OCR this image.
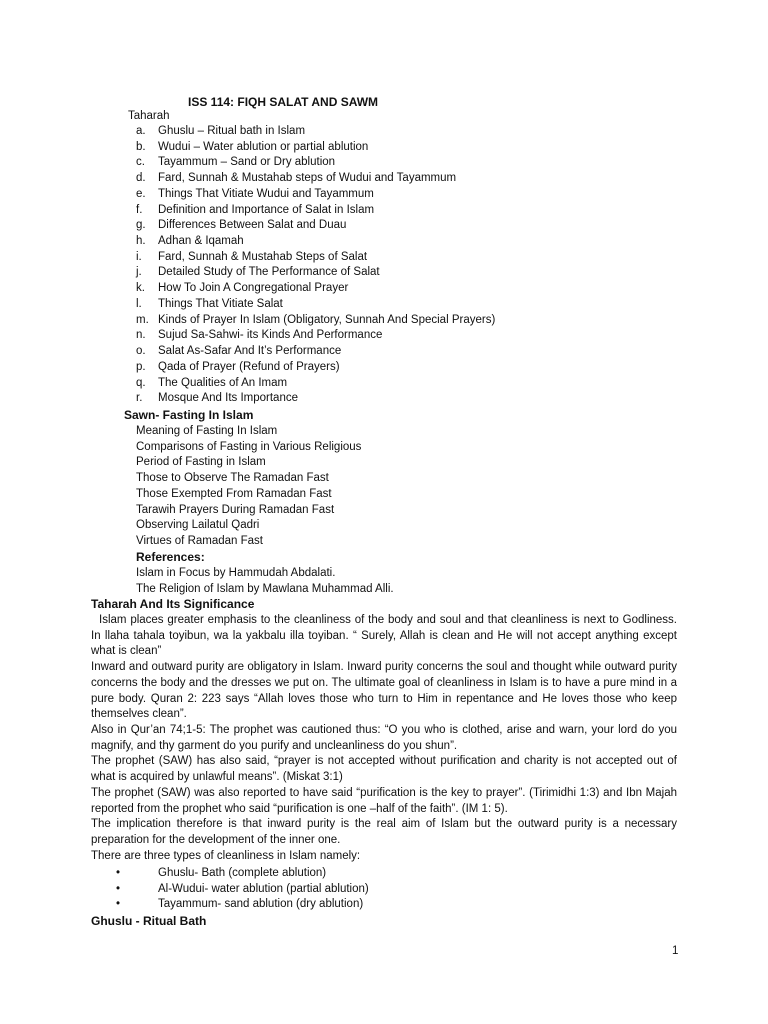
ISS 114: FIQH SALAT AND SAWM
Taharah
a.	Ghuslu – Ritual bath in Islam
b.	Wudui – Water ablution or partial ablution
c.	Tayammum – Sand or Dry ablution
d.	Fard, Sunnah & Mustahab steps of Wudui and Tayammum
e.	Things That Vitiate Wudui and Tayammum
f.	Definition and Importance of Salat in Islam
g.	Differences Between Salat and Duau
h.	Adhan & Iqamah
i.	Fard, Sunnah & Mustahab Steps of Salat
j.	Detailed Study of The Performance of Salat
k.	How To Join A Congregational Prayer
l.	Things That Vitiate Salat
m. Kinds of Prayer In Islam (Obligatory, Sunnah And Special Prayers)
n.	Sujud Sa-Sahwi- its Kinds And Performance
o.	Salat As-Safar And It’s Performance
p.	Qada of Prayer (Refund of Prayers)
q.	The Qualities of An Imam
r.	Mosque And Its Importance
Sawn- Fasting In Islam
Meaning of Fasting In Islam
Comparisons of Fasting in Various Religious
Period of Fasting in Islam
Those to Observe The Ramadan Fast
Those Exempted From Ramadan Fast
Tarawih Prayers During Ramadan Fast
Observing Lailatul Qadri
Virtues of Ramadan Fast
References:
Islam in Focus by Hammudah Abdalati.
The Religion of Islam by Mawlana Muhammad Alli.
Taharah And Its Significance

Islam places greater emphasis to the cleanliness of the body and soul and that cleanliness is next to Godliness. In llaha tahala toyibun, wa la yakbalu illa toyiban. “ Surely, Allah is clean and He will not accept anything except what is clean”

Inward and outward purity are obligatory in Islam. Inward purity concerns the soul and thought while outward purity concerns the body and the dresses we put on. The ultimate goal of cleanliness in Islam is to have a pure mind in a pure body. Quran 2: 223 says “Allah loves those who turn to Him in repentance and He loves those who keep themselves clean”.

Also in Qur’an 74;1-5: The prophet was cautioned thus: “O you who is clothed, arise and warn, your lord do you magnify, and thy garment do you purify and uncleanliness do you shun”.

The prophet (SAW) has also said, “prayer is not accepted without purification and charity is not accepted out of what is acquired by unlawful means”. (Miskat 3:1)

The prophet (SAW) was also reported to have said “purification is the key to prayer”. (Tirimidhi 1:3) and Ibn Majah reported from the prophet who said “purification is one –half of the faith”. (IM 1: 5).

The implication therefore is that inward purity is the real aim of Islam but the outward purity is a necessary preparation for the development of the inner one.

There are three types of cleanliness in Islam namely:

•	Ghuslu- Bath (complete ablution)
•	Al-Wudui- water ablution (partial ablution)
•	Tayammum- sand ablution (dry ablution)
Ghuslu - Ritual Bath
1
